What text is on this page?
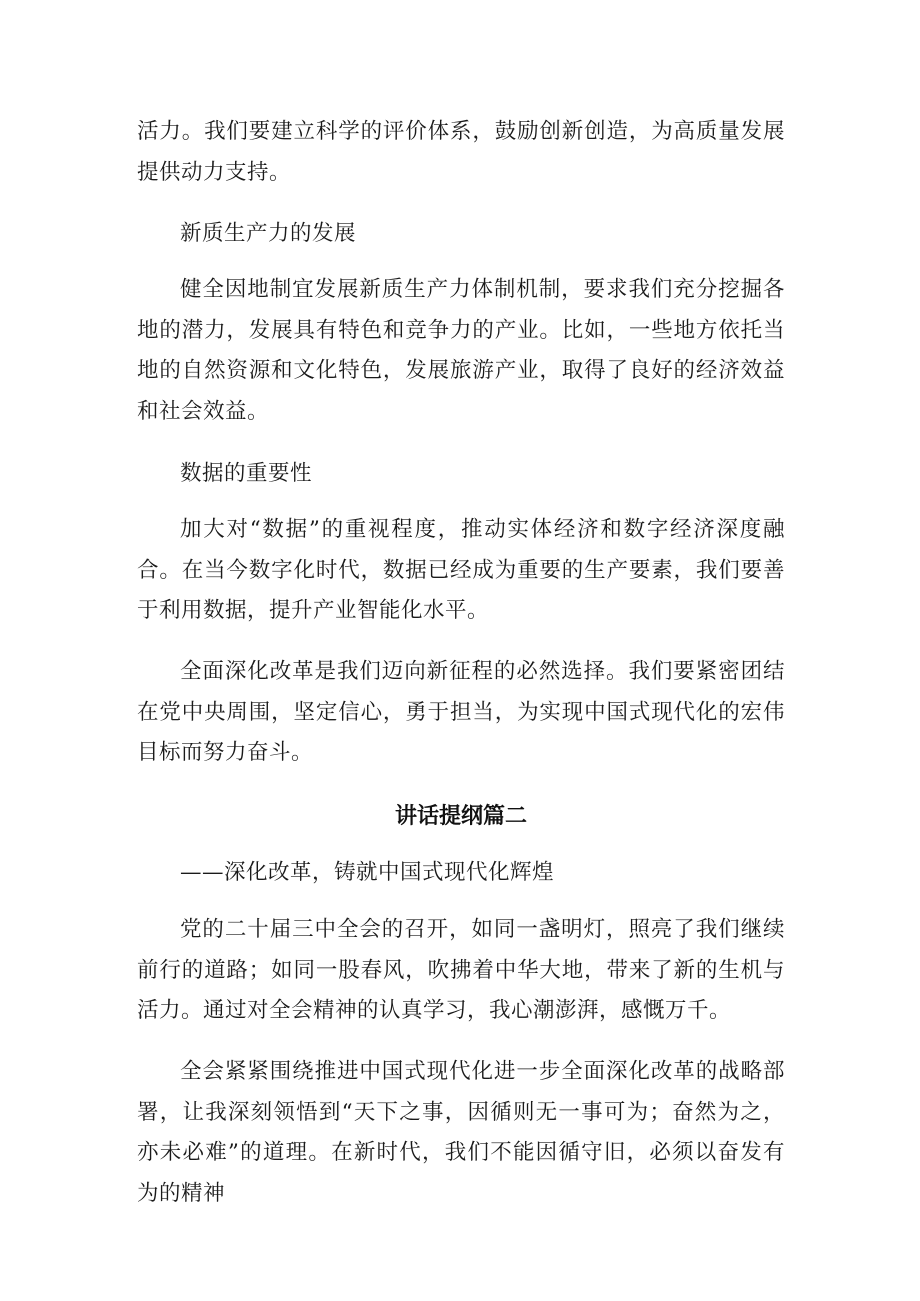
活力。我们要建立科学的评价体系，鼓励创新创造，为高质量发展提供动力支持。

新质生产力的发展

健全因地制宜发展新质生产力体制机制，要求我们充分挖掘各地的潜力，发展具有特色和竞争力的产业。比如，一些地方依托当地的自然资源和文化特色，发展旅游产业，取得了良好的经济效益和社会效益。

数据的重要性

加大对“数据”的重视程度，推动实体经济和数字经济深度融合。在当今数字化时代，数据已经成为重要的生产要素，我们要善于利用数据，提升产业智能化水平。

全面深化改革是我们迈向新征程的必然选择。我们要紧密团结在党中央周围，坚定信心，勇于担当，为实现中国式现代化的宏伟目标而努力奋斗。

讲话提纲篇二

——深化改革，铸就中国式现代化辉煌

党的二十届三中全会的召开，如同一盏明灯，照亮了我们继续前行的道路；如同一股春风，吹拂着中华大地，带来了新的生机与活力。通过对全会精神的认真学习，我心潮澎湃，感慨万千。

全会紧紧围绕推进中国式现代化进一步全面深化改革的战略部署，让我深刻领悟到“天下之事，因循则无一事可为；奋然为之，亦未必难”的道理。在新时代，我们不能因循守旧，必须以奋发有为的精神
